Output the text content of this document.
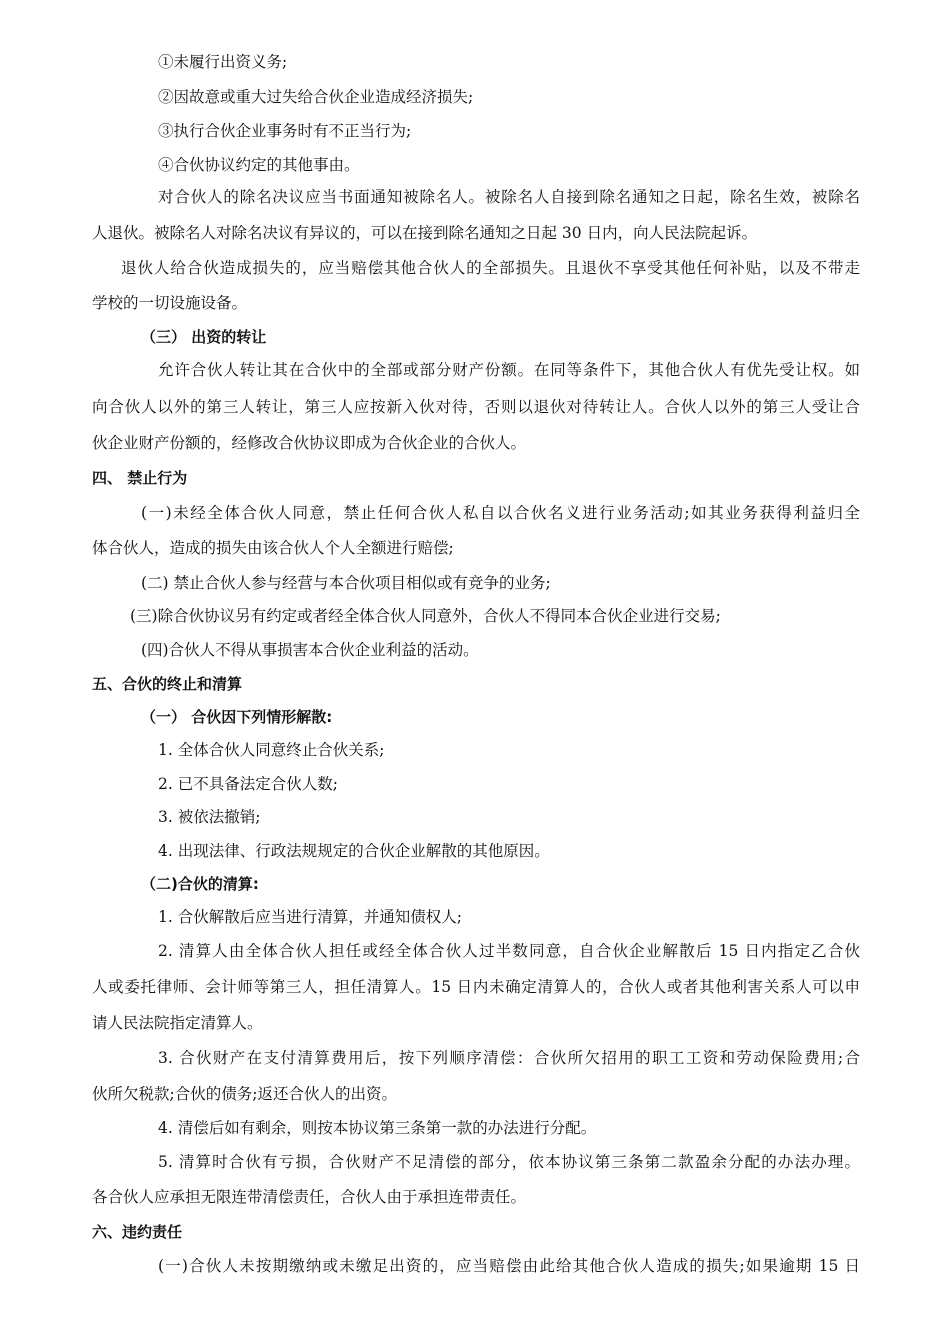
①未履行出资义务;
②因故意或重大过失给合伙企业造成经济损失;
③执行合伙企业事务时有不正当行为;
④合伙协议约定的其他事由。
对合伙人的除名决议应当书面通知被除名人。被除名人自接到除名通知之日起，除名生效，被除名
人退伙。被除名人对除名决议有异议的，可以在接到除名通知之日起 30 日内，向人民法院起诉。
退伙人给合伙造成损失的，应当赔偿其他合伙人的全部损失。且退伙不享受其他任何补贴，以及不带走
学校的一切设施设备。
（三） 出资的转让
允许合伙人转让其在合伙中的全部或部分财产份额。在同等条件下，其他合伙人有优先受让权。如
向合伙人以外的第三人转让，第三人应按新入伙对待，否则以退伙对待转让人。合伙人以外的第三人受让合
伙企业财产份额的，经修改合伙协议即成为合伙企业的合伙人。
四、 禁止行为
(一)未经全体合伙人同意，禁止任何合伙人私自以合伙名义进行业务活动;如其业务获得利益归全
体合伙人，造成的损失由该合伙人个人全额进行赔偿;
(二) 禁止合伙人参与经营与本合伙项目相似或有竞争的业务;
(三)除合伙协议另有约定或者经全体合伙人同意外，合伙人不得同本合伙企业进行交易;
(四)合伙人不得从事损害本合伙企业利益的活动。
五、合伙的终止和清算
（一） 合伙因下列情形解散:
1. 全体合伙人同意终止合伙关系;
2. 已不具备法定合伙人数;
3. 被依法撤销;
4. 出现法律、行政法规规定的合伙企业解散的其他原因。
（二)合伙的清算:
1. 合伙解散后应当进行清算，并通知债权人;
2. 清算人由全体合伙人担任或经全体合伙人过半数同意，自合伙企业解散后 15 日内指定乙合伙
人或委托律师、会计师等第三人，担任清算人。15 日内未确定清算人的，合伙人或者其他利害关系人可以申
请人民法院指定清算人。
3. 合伙财产在支付清算费用后，按下列顺序清偿：合伙所欠招用的职工工资和劳动保险费用;合
伙所欠税款;合伙的债务;返还合伙人的出资。
4. 清偿后如有剩余，则按本协议第三条第一款的办法进行分配。
5. 清算时合伙有亏损，合伙财产不足清偿的部分，依本协议第三条第二款盈余分配的办法办理。
各合伙人应承担无限连带清偿责任，合伙人由于承担连带责任。
六、违约责任
(一)合伙人未按期缴纳或未缴足出资的，应当赔偿由此给其他合伙人造成的损失;如果逾期 15 日
